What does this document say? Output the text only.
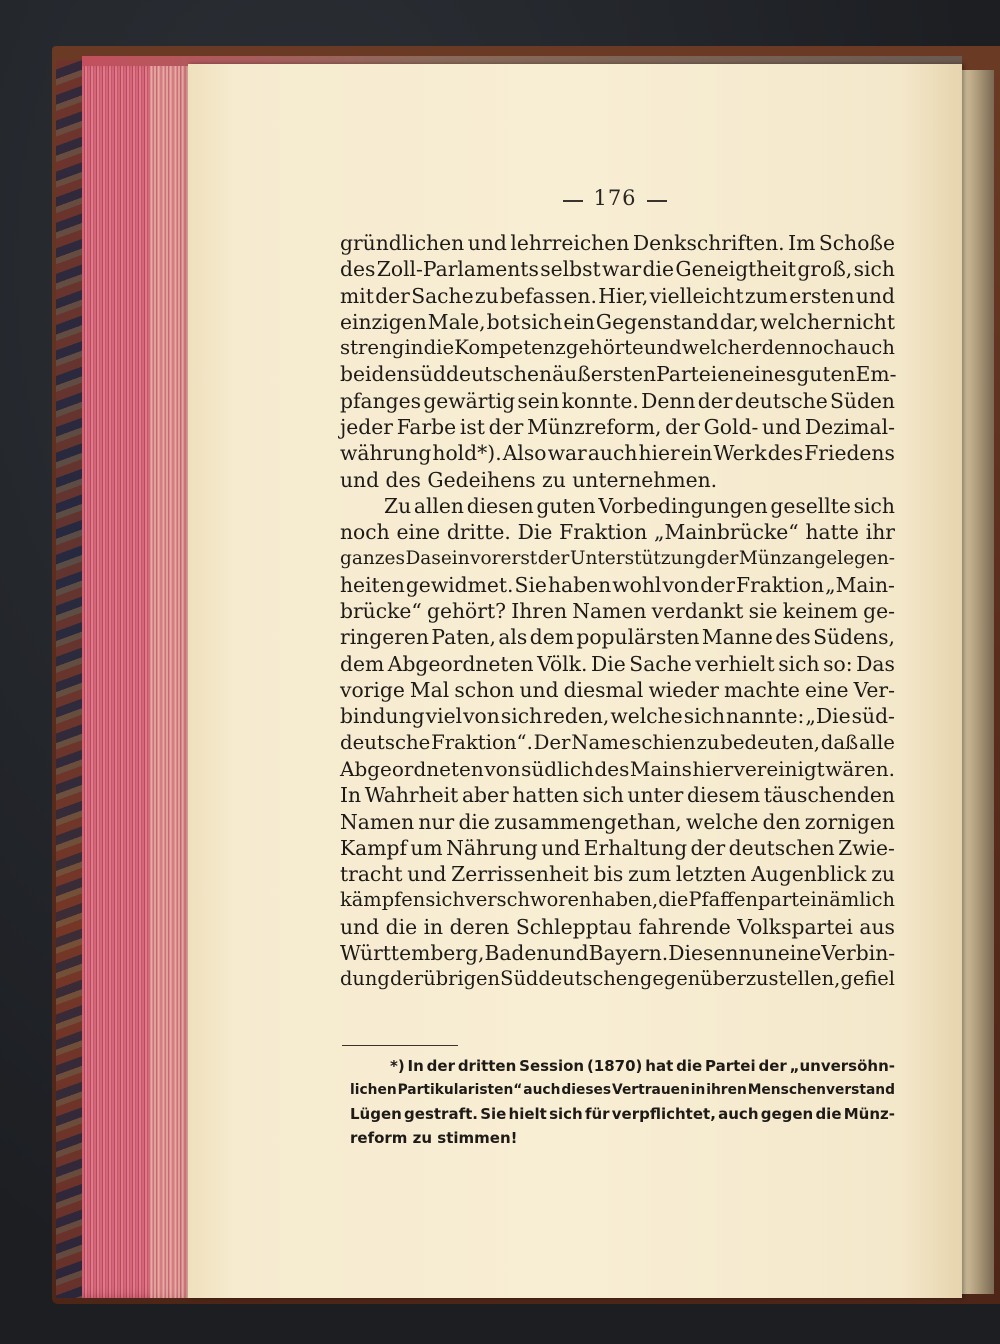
176
gründlichen und lehrreichen Denkschriften. Im Schoße
des Zoll-Parlaments selbst war die Geneigtheit groß, sich
mit der Sache zu befassen. Hier, vielleicht zum ersten und
einzigen Male, bot sich ein Gegenstand dar, welcher nicht
streng in die Kompetenz gehörte und welcher dennoch auch
bei den süddeutschen äußersten Parteien eines guten Em-
pfanges gewärtig sein konnte. Denn der deutsche Süden
jeder Farbe ist der Münzreform, der Gold- und Dezimal-
währung hold*). Also war auch hier ein Werk des Friedens
und des Gedeihens zu unternehmen.
Zu allen diesen guten Vorbedingungen gesellte sich
noch eine dritte. Die Fraktion „Mainbrücke“ hatte ihr
ganzes Dasein vorerst der Unterstützung der Münzangelegen-
heiten gewidmet. Sie haben wohl von der Fraktion „Main-
brücke“ gehört? Ihren Namen verdankt sie keinem ge-
ringeren Paten, als dem populärsten Manne des Südens,
dem Abgeordneten Völk. Die Sache verhielt sich so: Das
vorige Mal schon und diesmal wieder machte eine Ver-
bindung viel von sich reden, welche sich nannte: „Die süd-
deutsche Fraktion“. Der Name schien zu bedeuten, daß alle
Abgeordneten von südlich des Mains hier vereinigt wären.
In Wahrheit aber hatten sich unter diesem täuschenden
Namen nur die zusammengethan, welche den zornigen
Kampf um Nährung und Erhaltung der deutschen Zwie-
tracht und Zerrissenheit bis zum letzten Augenblick zu
kämpfen sich verschworen haben, die Pfaffenpartei nämlich
und die in deren Schlepptau fahrende Volkspartei aus
Württemberg, Baden und Bayern. Diesen nun eine Verbin-
dung der übrigen Süddeutschen gegenüberzustellen, gefiel
*) In der dritten Session (1870) hat die Partei der „unversöhn-
lichen Partikularisten“ auch dieses Vertrauen in ihren Menschenverstand
Lügen gestraft. Sie hielt sich für verpflichtet, auch gegen die Münz-
reform zu stimmen!
